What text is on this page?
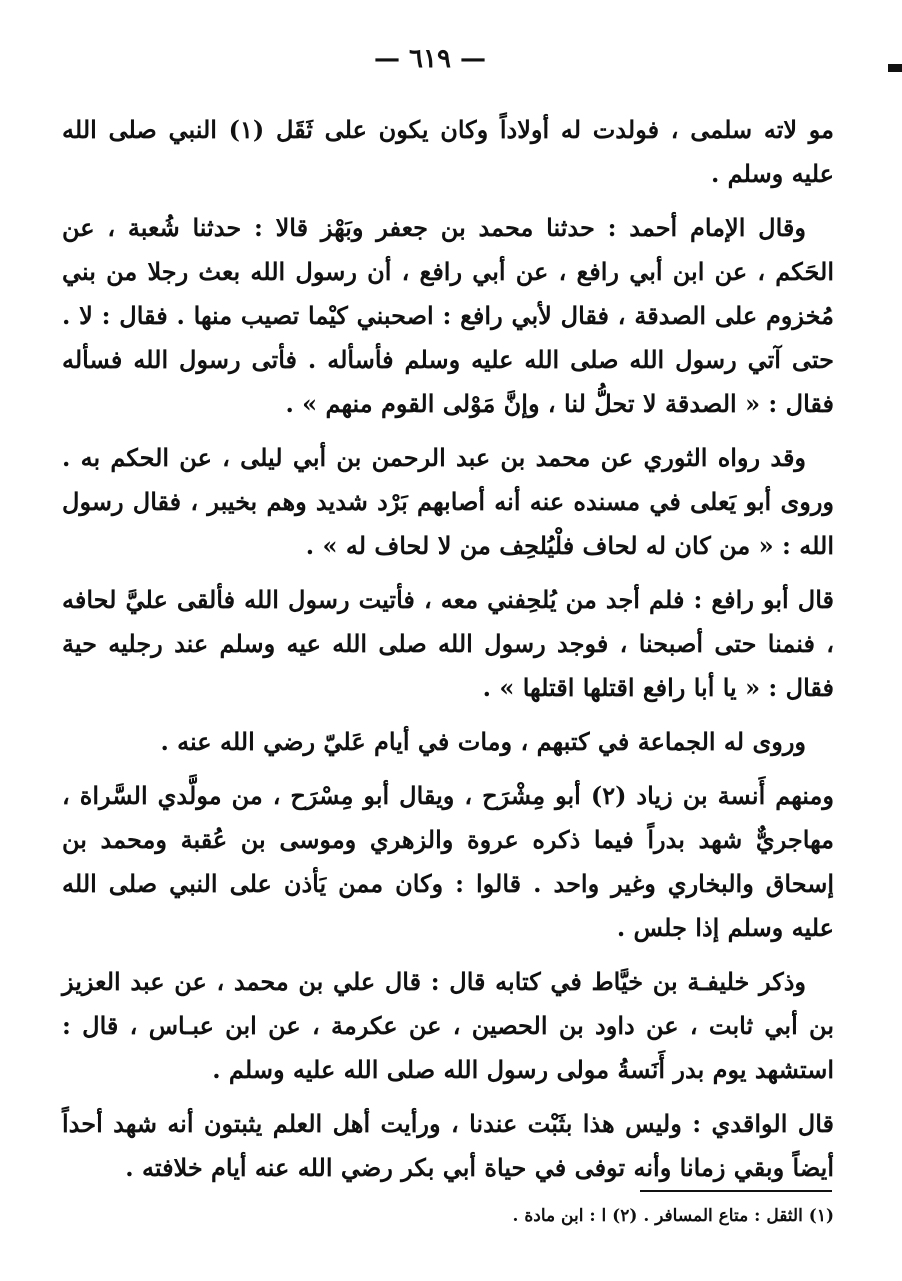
— ٦١٩ —

مو لاته سلمى ، فولدت له أولاداً وكان يكون على ثَقَل (١) النبي صلى الله عليه وسلم .

وقال الإمام أحمد : حدثنا محمد بن جعفر وبَهْز قالا : حدثنا شُعبة ، عن الحَكم ، عن ابن أبي رافع ، عن أبي رافع ، أن رسول الله بعث رجلا من بني مُخزوم على الصدقة ، فقال لأبي رافع : اصحبني كيْما تصيب منها . فقال : لا . حتى آتي رسول الله صلى الله عليه وسلم فأسأله . فأتى رسول الله فسأله فقال : « الصدقة لا تحلُّ لنا ، وإنَّ مَوْلى القوم منهم » .

وقد رواه الثوري عن محمد بن عبد الرحمن بن أبي ليلى ، عن الحكم به . وروى أبو يَعلى في مسنده عنه أنه أصابهم بَرْد شديد وهم بخيبر ، فقال رسول الله : « من كان له لحاف فلْيُلحِف من لا لحاف له » .

قال أبو رافع : فلم أجد من يُلحِفني معه ، فأتيت رسول الله فألقى عليَّ لحافه ، فنمنا حتى أصبحنا ، فوجد رسول الله صلى الله عيه وسلم عند رجليه حية فقال : « يا أبا رافع اقتلها اقتلها » .

وروى له الجماعة في كتبهم ، ومات في أيام عَليّ رضي الله عنه .

ومنهم أَنسة بن زياد (٢) أبو مِشْرَح ، ويقال أبو مِسْرَح ، من مولَّدي السَّراة ، مهاجريٌّ شهد بدراً فيما ذكره عروة والزهري وموسى بن عُقبة ومحمد بن إسحاق والبخاري وغير واحد . قالوا : وكان ممن يَأذن على النبي صلى الله عليه وسلم إذا جلس .

وذكر خليفـة بن خيَّاط في كتابه قال : قال علي بن محمد ، عن عبد العزيز بن أبي ثابت ، عن داود بن الحصين ، عن عكرمة ، عن ابن عبـاس ، قال : استشهد يوم بدر أَنَسةُ مولى رسول الله صلى الله عليه وسلم .

قال الواقدي : وليس هذا بثَبْت عندنا ، ورأيت أهل العلم يثبتون أنه شهد أحداً أيضاً وبقي زمانا وأنه توفى في حياة أبي بكر رضي الله عنه أيام خلافته .

(١) الثقل : متاع المسافر . (٢) ا : ابن مادة .
